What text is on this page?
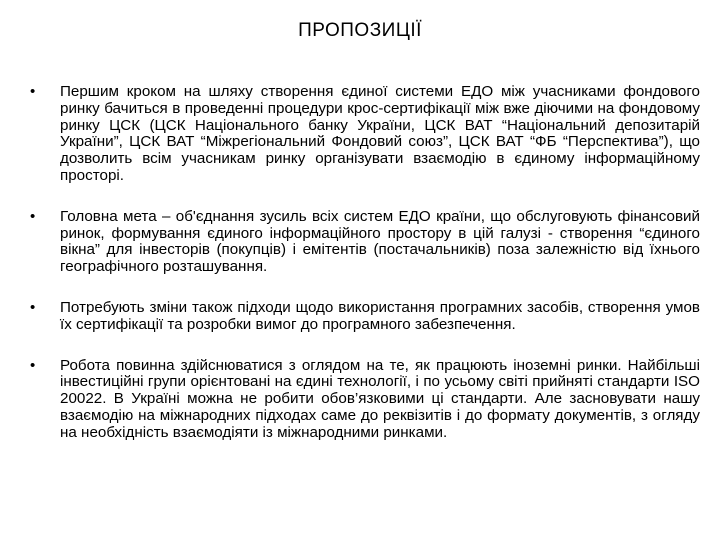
ПРОПОЗИЦІЇ
•	Першим кроком на шляху створення єдиної системи ЕДО між учасниками фондового ринку бачиться в проведенні процедури крос-сертифікації між вже діючими на фондовому ринку ЦСК (ЦСК Національного банку України, ЦСК ВАТ “Національний депозитарій України”, ЦСК ВАТ “Міжрегіональний Фондовий союз”, ЦСК ВАТ “ФБ “Перспектива”), що дозволить всім учасникам ринку організувати взаємодію в єдиному інформаційному просторі.
•	Головна мета – об'єднання зусиль всіх систем ЕДО країни, що обслуговують фінансовий ринок, формування єдиного інформаційного простору в цій галузі - створення “єдиного вікна” для інвесторів (покупців) і емітентів (постачальників) поза залежністю від їхнього географічного розташування.
•	Потребують зміни також підходи щодо використання програмних засобів, створення умов їх сертифікації та розробки вимог до програмного забезпечення.
•	Робота повинна здійснюватися з оглядом на те, як працюють іноземні ринки. Найбільші інвестиційні групи орієнтовані на єдині технології, і по усьому світі прийняті стандарти ISO 20022. В Україні можна не робити обов’язковими ці стандарти. Але засновувати нашу взаємодію на міжнародних підходах саме до реквізитів і до формату документів, з огляду на необхідність взаємодіяти із міжнародними ринками.
